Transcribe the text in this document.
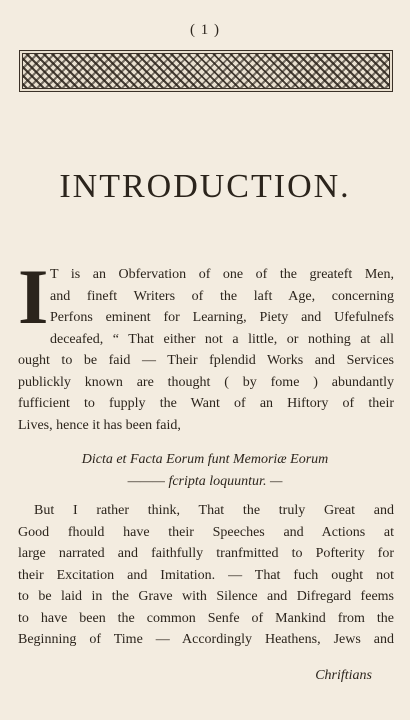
( 1 )
INTRODUCTION.
I T is an Obfervation of one of the greateft Men,
and fineft Writers of the laft Age, concerning
Perfons eminent for Learning, Piety and Ufefulnefs
deceafed, “ That either not a little, or nothing at all
ought to be faid — Their fplendid Works and Services
publickly known are thought ( by fome ) abundantly
fufficient to fupply the Want of an Hiftory of their
Lives, hence it has been faid,
Dicta et Facta Eorum funt Memoriæ Eorum
——— fcripta loquuntur. —
But I rather think, That the truly Great and
Good fhould have their Speeches and Actions at
large narrated and faithfully tranfmitted to Pofterity for
their Excitation and Imitation. — That fuch ought not
to be laid in the Grave with Silence and Difregard feems
to have been the common Senfe of Mankind from the
Beginning of Time — Accordingly Heathens, Jews and
Chriftians
